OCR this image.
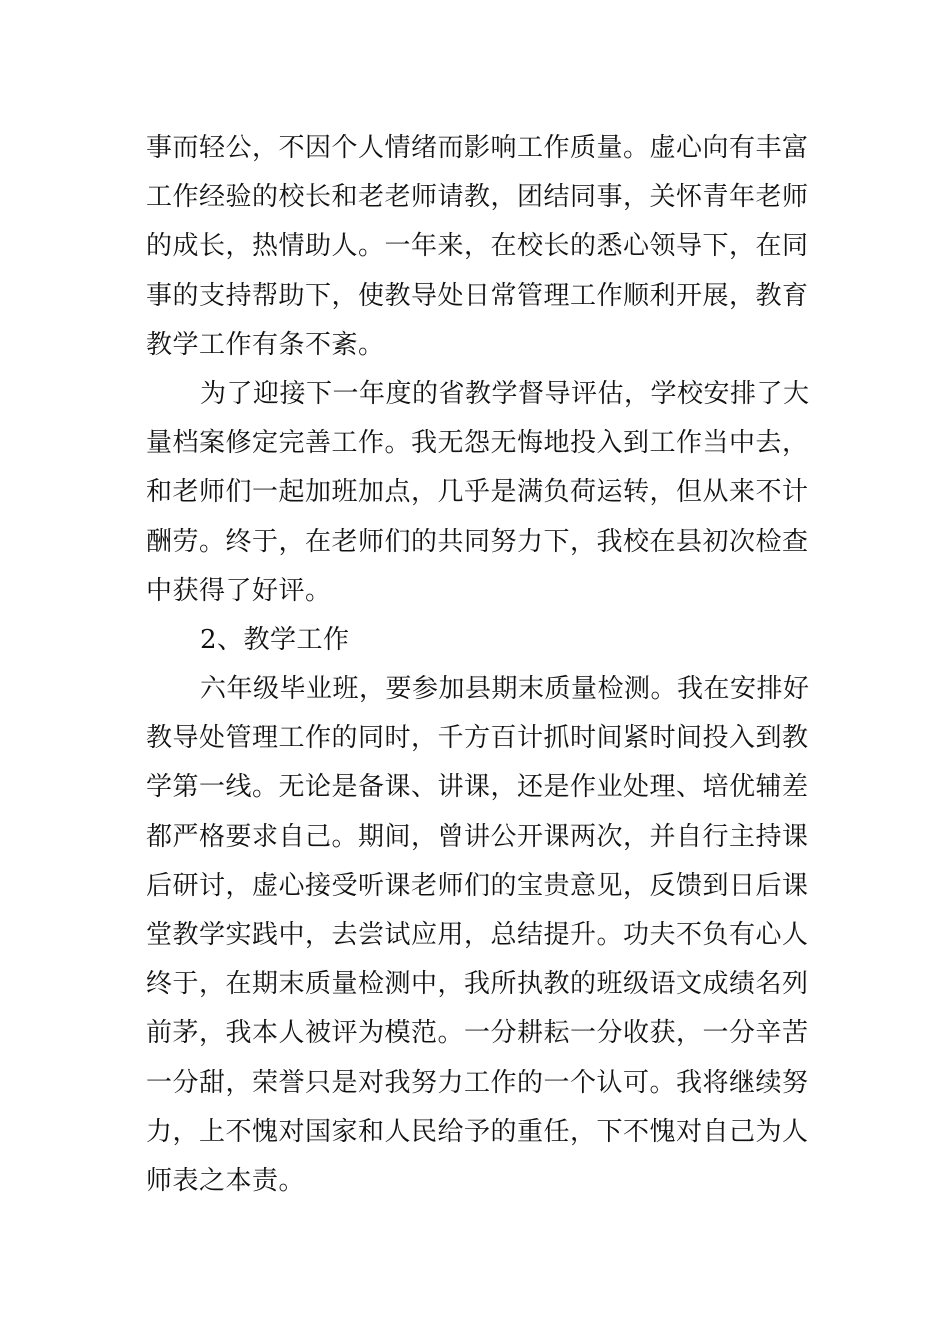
事而轻公，不因个人情绪而影响工作质量。虚心向有丰富
工作经验的校长和老老师请教，团结同事，关怀青年老师
的成长，热情助人。一年来，在校长的悉心领导下，在同
事的支持帮助下，使教导处日常管理工作顺利开展，教育
教学工作有条不紊。
为了迎接下一年度的省教学督导评估，学校安排了大
量档案修定完善工作。我无怨无悔地投入到工作当中去，
和老师们一起加班加点，几乎是满负荷运转，但从来不计
酬劳。终于，在老师们的共同努力下，我校在县初次检查
中获得了好评。
2、教学工作
六年级毕业班，要参加县期末质量检测。我在安排好
教导处管理工作的同时，千方百计抓时间紧时间投入到教
学第一线。无论是备课、讲课，还是作业处理、培优辅差
都严格要求自己。期间，曾讲公开课两次，并自行主持课
后研讨，虚心接受听课老师们的宝贵意见，反馈到日后课
堂教学实践中，去尝试应用，总结提升。功夫不负有心人
终于，在期末质量检测中，我所执教的班级语文成绩名列
前茅，我本人被评为模范。一分耕耘一分收获，一分辛苦
一分甜，荣誉只是对我努力工作的一个认可。我将继续努
力，上不愧对国家和人民给予的重任，下不愧对自己为人
师表之本责。
